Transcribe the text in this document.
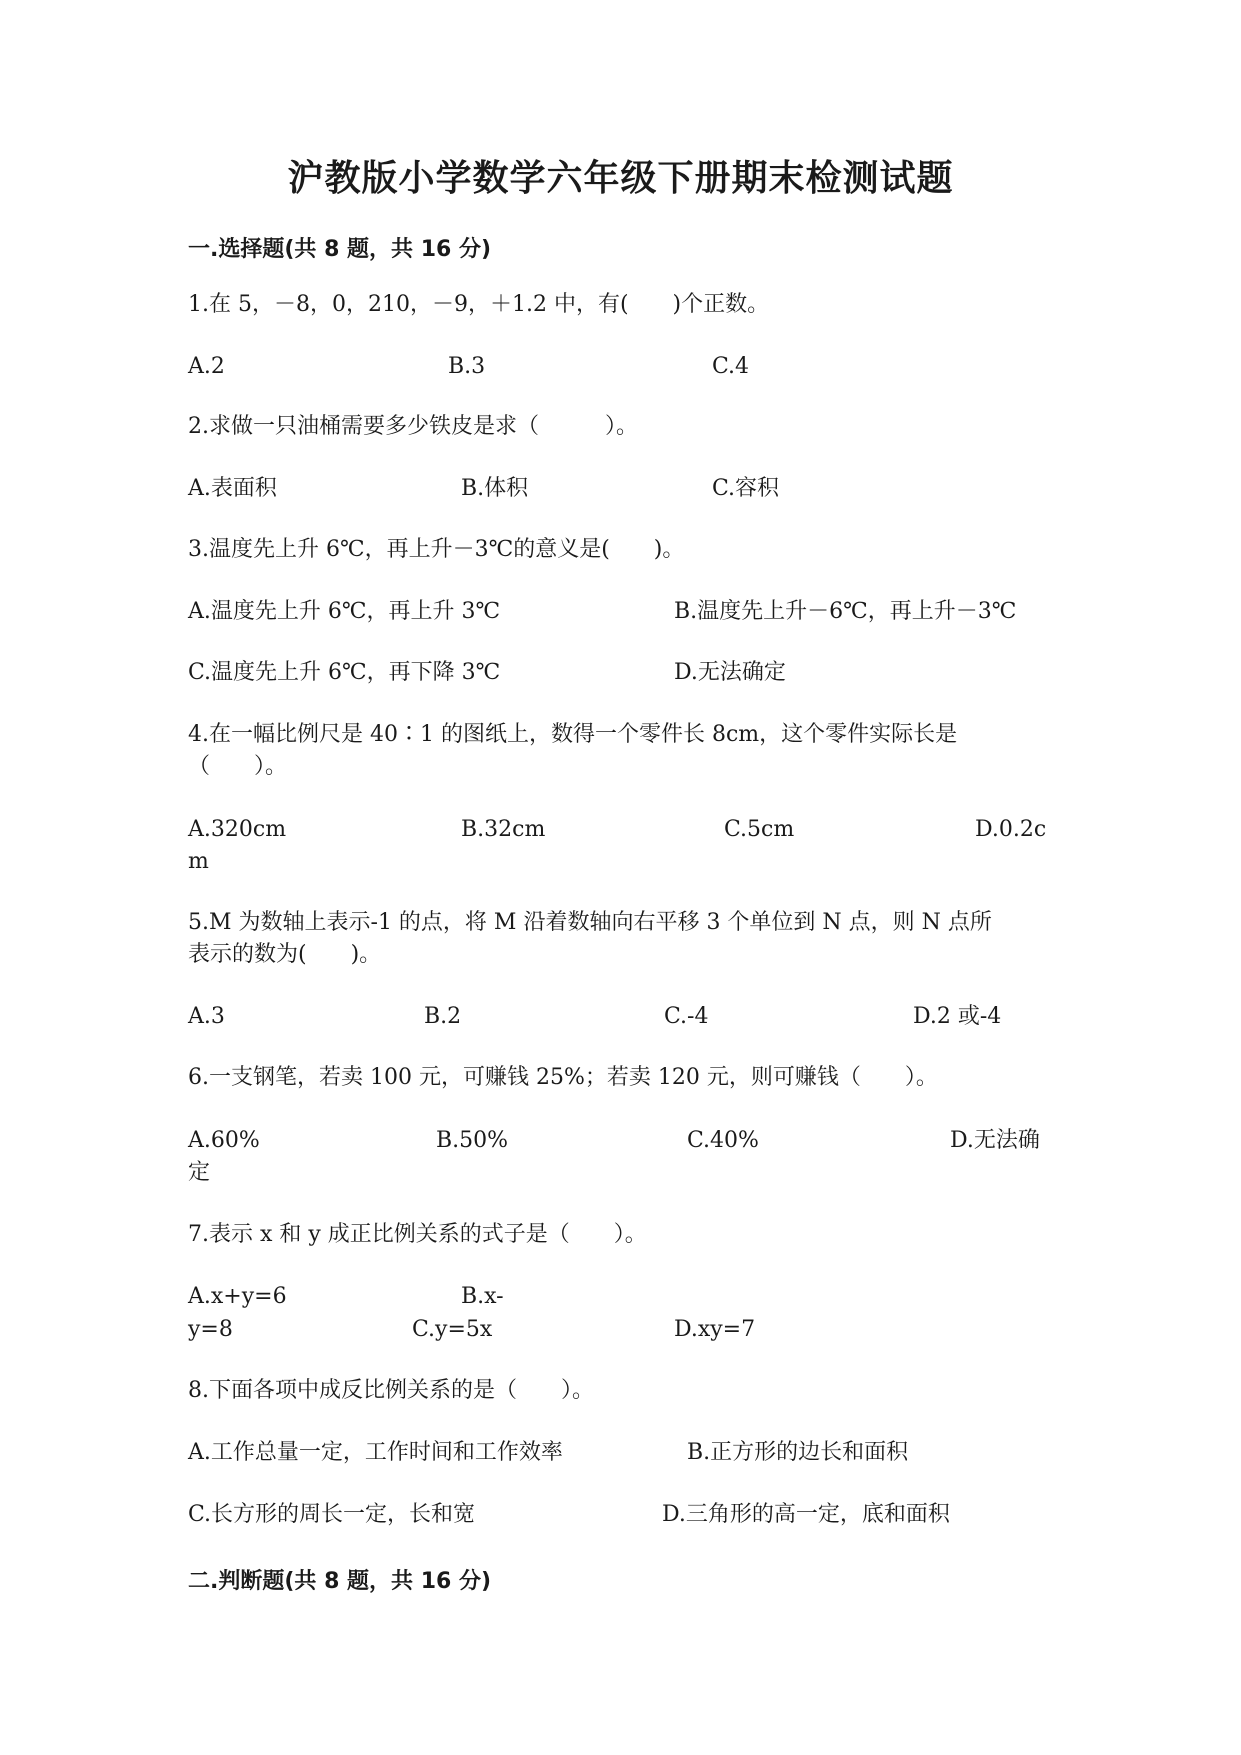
沪教版小学数学六年级下册期末检测试题
一.选择题(共 8 题，共 16 分)
1.在 5，－8，0，210，－9，＋1.2 中，有(　　)个正数。
A.2	B.3	C.4
2.求做一只油桶需要多少铁皮是求（　　　）。
A.表面积	B.体积	C.容积
3.温度先上升 6℃，再上升－3℃的意义是(　　)。
A.温度先上升 6℃，再上升 3℃	B.温度先上升－6℃，再上升－3℃
C.温度先上升 6℃，再下降 3℃	D.无法确定
4.在一幅比例尺是 40∶1 的图纸上，数得一个零件长 8cm，这个零件实际长是
（　　）。
A.320cm	B.32cm	C.5cm	D.0.2c
m
5.M 为数轴上表示-1 的点，将 M 沿着数轴向右平移 3 个单位到 N 点，则 N 点所
表示的数为(　　)。
A.3	B.2	C.-4	D.2 或-4
6.一支钢笔，若卖 100 元，可赚钱 25%；若卖 120 元，则可赚钱（　　）。
A.60%	B.50%	C.40%	D.无法确
定
7.表示 x 和 y 成正比例关系的式子是（　　）。
A.x+y=6	B.x-
y=8	C.y=5x	D.xy=7
8.下面各项中成反比例关系的是（　　）。
A.工作总量一定，工作时间和工作效率	B.正方形的边长和面积
C.长方形的周长一定，长和宽	D.三角形的高一定，底和面积
二.判断题(共 8 题，共 16 分)
